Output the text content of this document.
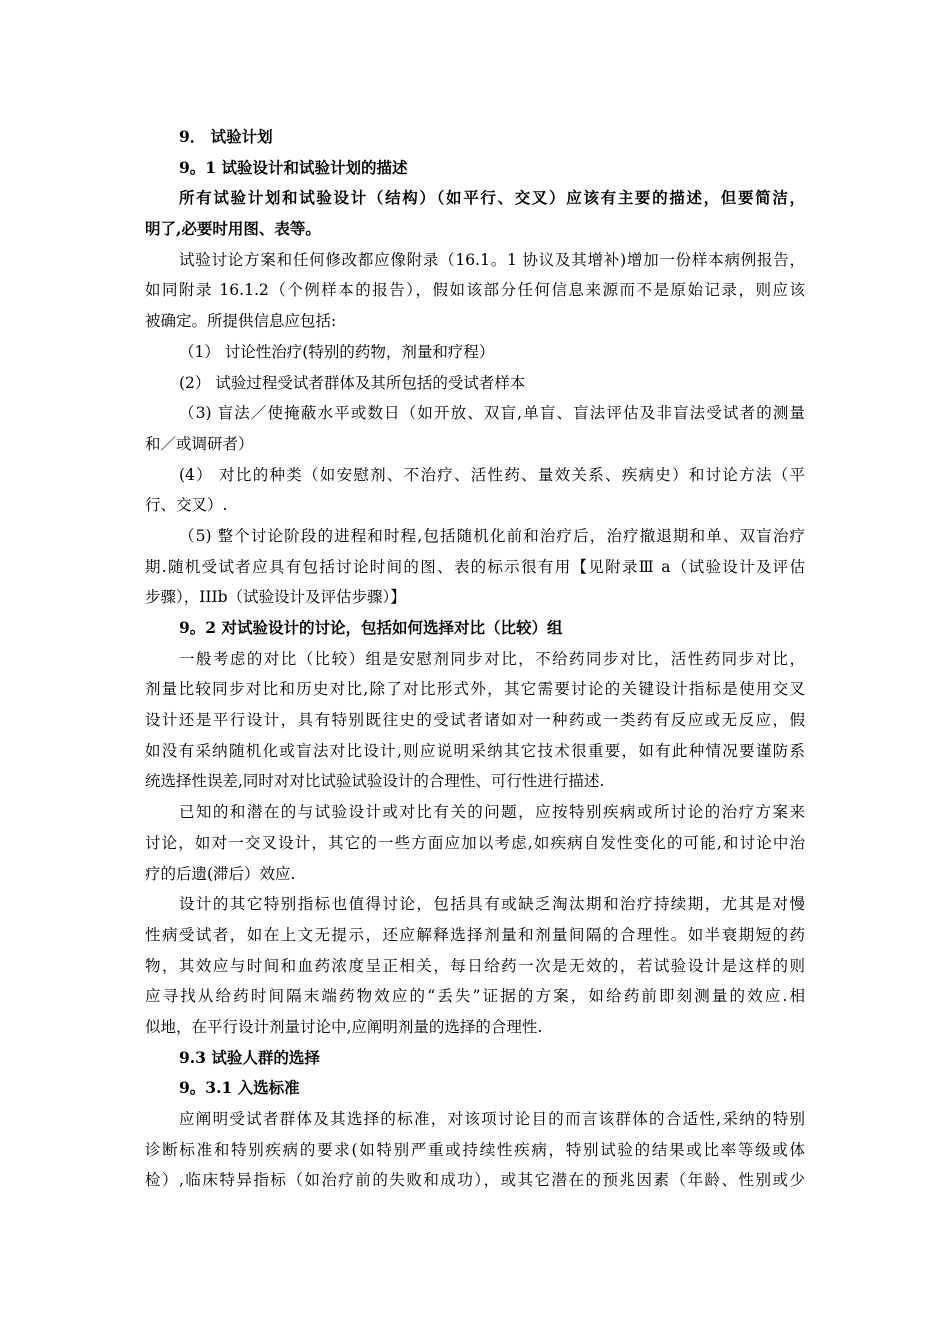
9． 试验计划
9。1 试验设计和试验计划的描述
所有试验计划和试验设计（结构）（如平行、交叉）应该有主要的描述，但要简洁，
明了,必要时用图、表等。
试验讨论方案和任何修改都应像附录（16.1。1 协议及其增补)增加一份样本病例报告，
如同附录 16.1.2（个例样本的报告），假如该部分任何信息来源而不是原始记录，则应该
被确定。所提供信息应包括:
（1） 讨论性治疗(特别的药物，剂量和疗程）
(2） 试验过程受试者群体及其所包括的受试者样本
（3) 盲法／使掩蔽水平或数日（如开放、双盲,单盲、盲法评估及非盲法受试者的测量
和／或调研者）
(4） 对比的种类（如安慰剂、不治疗、活性药、量效关系、疾病史）和讨论方法（平
行、交叉）.
（5) 整个讨论阶段的进程和时程,包括随机化前和治疗后，治疗撤退期和单、双盲治疗
期.随机受试者应具有包括讨论时间的图、表的标示很有用【见附录Ⅲ a（试验设计及评估
步骤），IIIb（试验设计及评估步骤）】
9。2 对试验设计的讨论，包括如何选择对比（比较）组
一般考虑的对比（比较）组是安慰剂同步对比，不给药同步对比，活性药同步对比，
剂量比较同步对比和历史对比,除了对比形式外，其它需要讨论的关键设计指标是使用交叉
设计还是平行设计，具有特别既往史的受试者诸如对一种药或一类药有反应或无反应，假
如没有采纳随机化或盲法对比设计,则应说明采纳其它技术很重要，如有此种情况要谨防系
统选择性误差,同时对对比试验试验设计的合理性、可行性进行描述.
已知的和潜在的与试验设计或对比有关的问题，应按特别疾病或所讨论的治疗方案来
讨论，如对一交叉设计，其它的一些方面应加以考虑,如疾病自发性变化的可能,和讨论中治
疗的后遗(滞后）效应.
设计的其它特别指标也值得讨论，包括具有或缺乏淘汰期和治疗持续期，尤其是对慢
性病受试者，如在上文无提示，还应解释选择剂量和剂量间隔的合理性。如半衰期短的药
物，其效应与时间和血药浓度呈正相关，每日给药一次是无效的，若试验设计是这样的则
应寻找从给药时间隔末端药物效应的“丢失”证据的方案，如给药前即刻测量的效应.相
似地，在平行设计剂量讨论中,应阐明剂量的选择的合理性.
9.3 试验人群的选择
9。3.1 入选标准
应阐明受试者群体及其选择的标准，对该项讨论目的而言该群体的合适性,采纳的特别
诊断标准和特别疾病的要求(如特别严重或持续性疾病，特别试验的结果或比率等级或体
检）,临床特异指标（如治疗前的失败和成功），或其它潜在的预兆因素（年龄、性别或少
